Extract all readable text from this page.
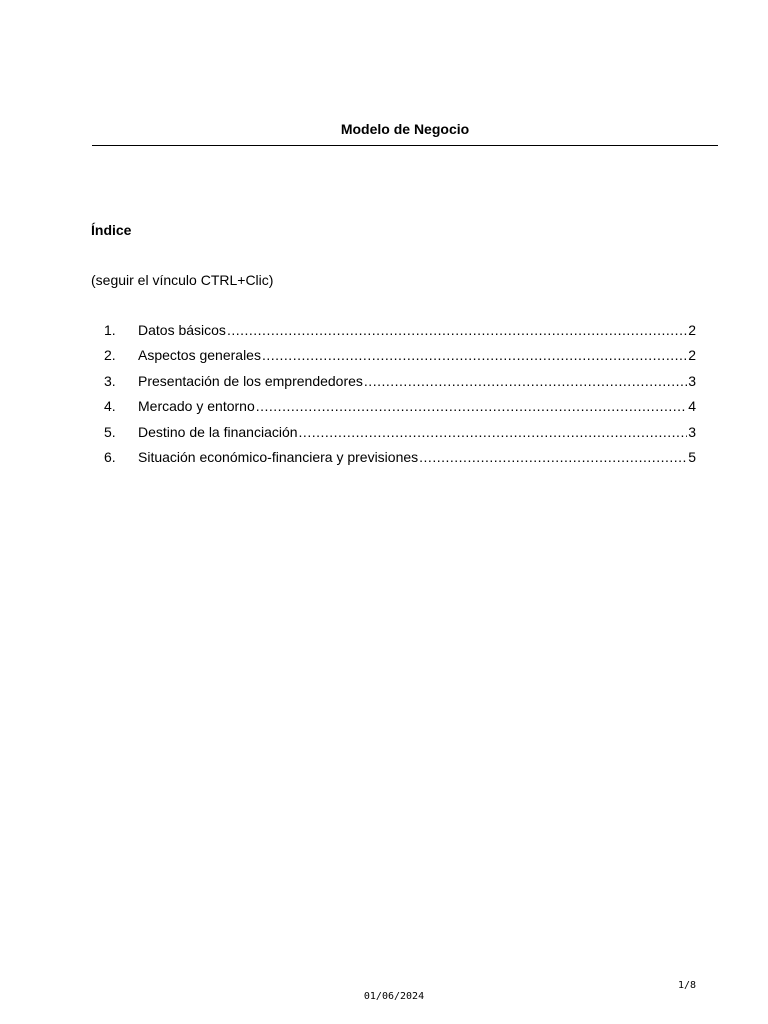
Modelo de Negocio
Índice
(seguir el vínculo CTRL+Clic)
1.	Datos básicos .....	2
2.	Aspectos generales .....	2
3.	Presentación de los emprendedores .....	3
4.	Mercado y entorno .....	4
5.	Destino de la financiación .....	3
6.	Situación económico-financiera y previsiones .....	5
1/8
01/06/2024
